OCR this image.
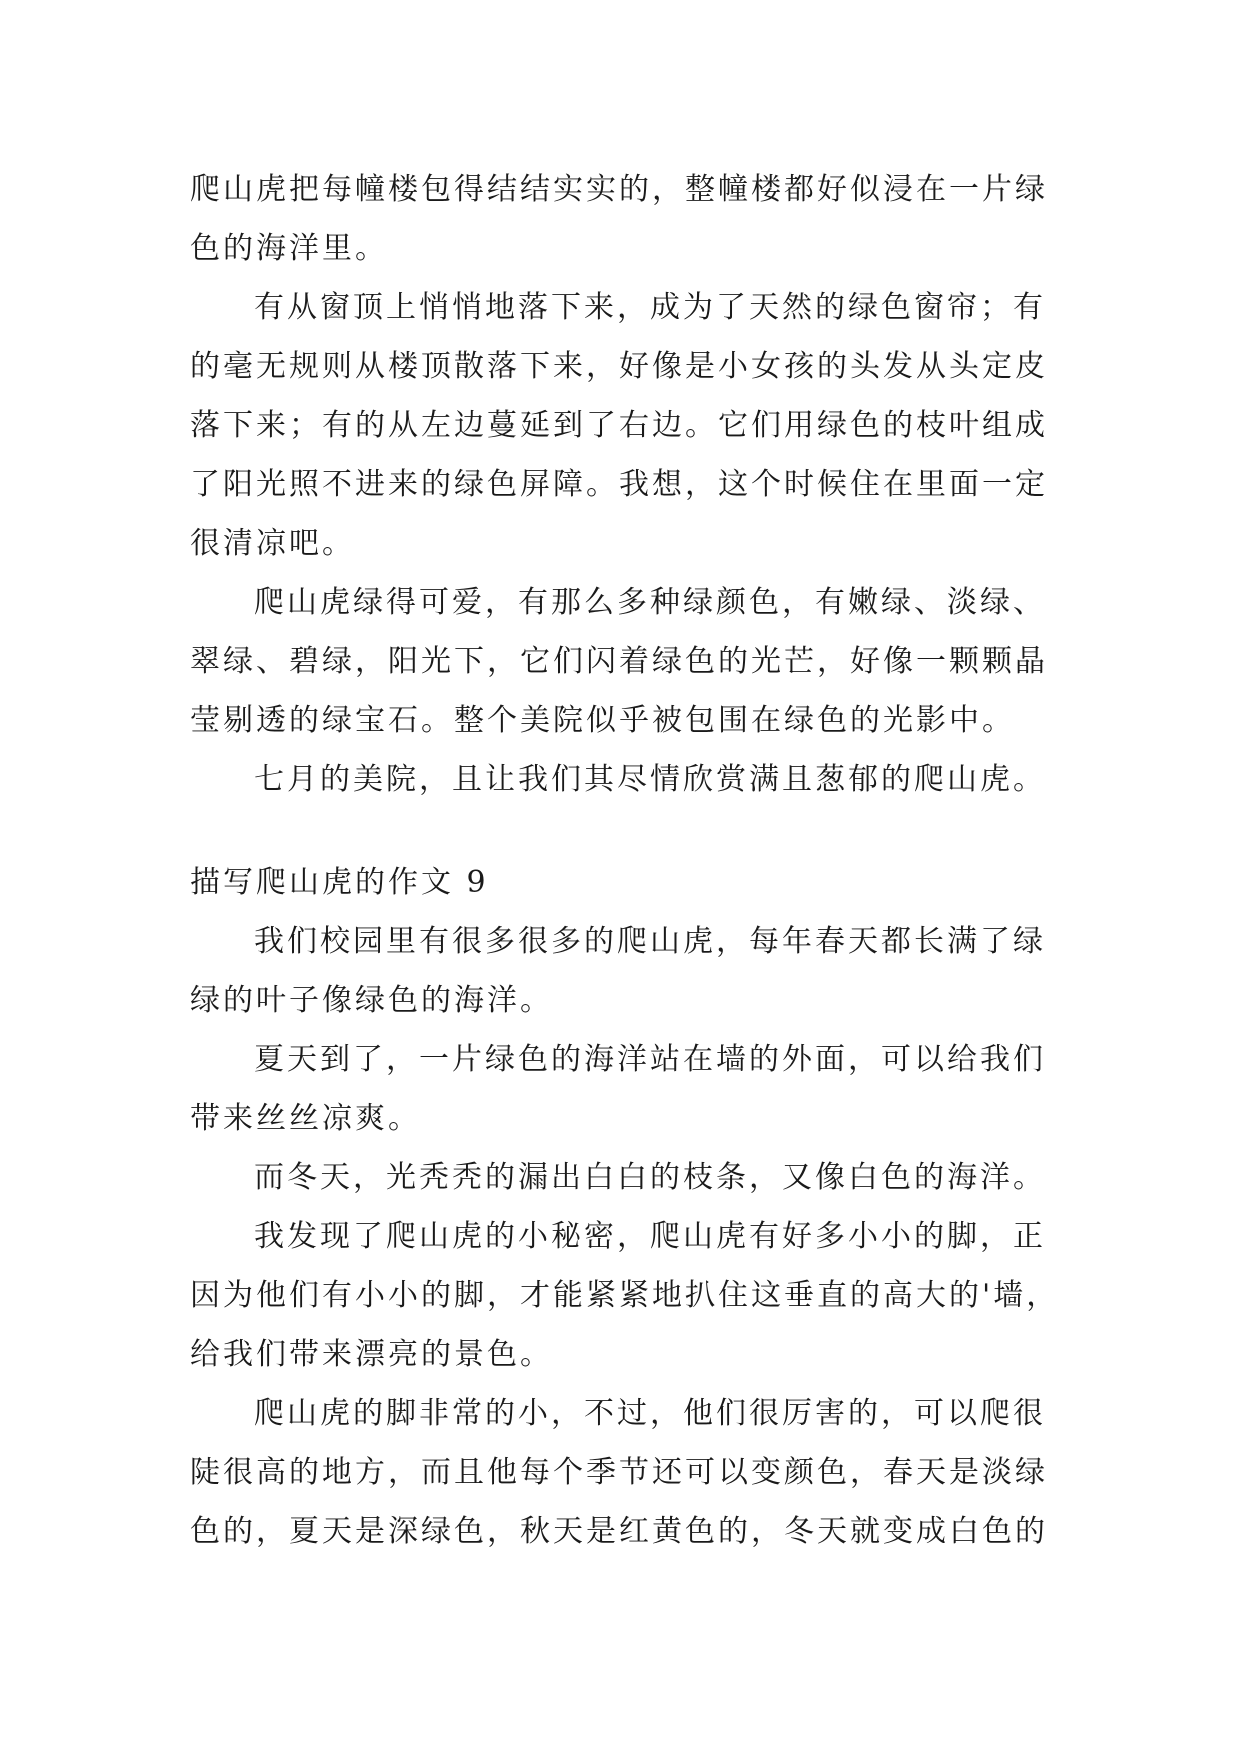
爬山虎把每幢楼包得结结实实的，整幢楼都好似浸在一片绿
色的海洋里。

有从窗顶上悄悄地落下来，成为了天然的绿色窗帘；有
的毫无规则从楼顶散落下来，好像是小女孩的头发从头定皮
落下来；有的从左边蔓延到了右边。它们用绿色的枝叶组成
了阳光照不进来的绿色屏障。我想，这个时候住在里面一定
很清凉吧。

爬山虎绿得可爱，有那么多种绿颜色，有嫩绿、淡绿、
翠绿、碧绿，阳光下，它们闪着绿色的光芒，好像一颗颗晶
莹剔透的绿宝石。整个美院似乎被包围在绿色的光影中。

七月的美院，且让我们其尽情欣赏满且葱郁的爬山虎。

描写爬山虎的作文 9

我们校园里有很多很多的爬山虎，每年春天都长满了绿
绿的叶子像绿色的海洋。

夏天到了，一片绿色的海洋站在墙的外面，可以给我们
带来丝丝凉爽。

而冬天，光秃秃的漏出白白的枝条，又像白色的海洋。

我发现了爬山虎的小秘密，爬山虎有好多小小的脚，正
因为他们有小小的脚，才能紧紧地扒住这垂直的高大的'墙，
给我们带来漂亮的景色。

爬山虎的脚非常的小，不过，他们很厉害的，可以爬很
陡很高的地方，而且他每个季节还可以变颜色，春天是淡绿
色的，夏天是深绿色，秋天是红黄色的，冬天就变成白色的
